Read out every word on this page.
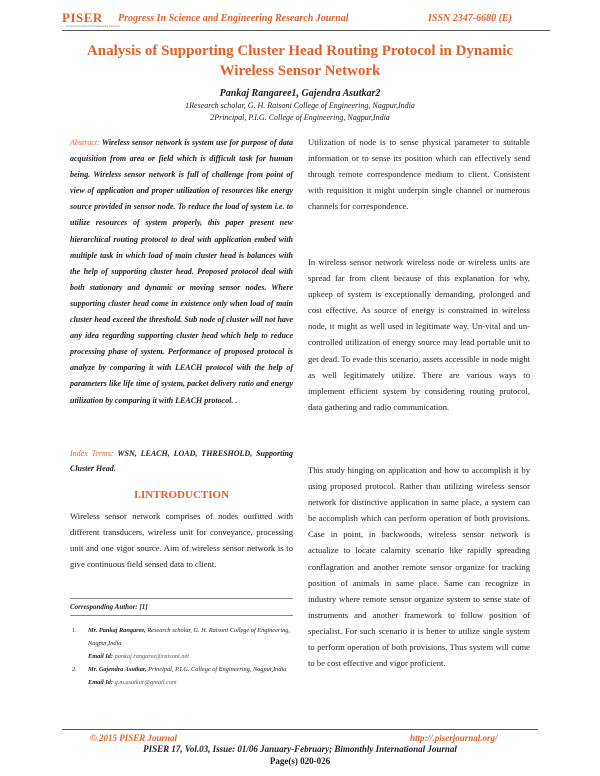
PISER
Progress In Science & Engineering Research
Progress In Science and Engineering Research Journal	ISSN 2347-6680 (E)
Analysis of Supporting Cluster Head Routing Protocol in Dynamic Wireless Sensor Network
Pankaj Rangaree1, Gajendra Asutkar2
1Research scholar, G. H. Raisoni College of Engineering, Nagpur,India
2Principal, P.I.G. College of Engineering, Nagpur,India
Abstract: Wireless sensor network is system use for purpose of data acquisition from area or field which is difficult task for human being. Wireless sensor network is full of challenge from point of view of application and proper utilization of resources like energy source provided in sensor node. To reduce the load of system i.e. to utilize resources of system properly, this paper present new hierarchical routing protocol to deal with application embed with multiple task in which load of main cluster head is balances with the help of supporting cluster head. Proposed protocol deal with both stationary and dynamic or moving sensor nodes. Where supporting cluster head come in existence only when load of main cluster head exceed the threshold. Sub node of cluster will not have any idea regarding supporting cluster head which help to reduce processing phase of system. Performance of proposed protocol is analyze by comparing it with LEACH protocol with the help of parameters like life time of system, packet delivery ratio and energy utilization by comparing it with LEACH protocol. .
Index Terms: WSN, LEACH, LOAD, THRESHOLD, Supporting Cluster Head.
I.INTRODUCTION
Wireless sensor network comprises of nodes outfitted with different transducers, wireless unit for conveyance, processing unit and one vigor source. Aim of wireless sensor network is to give continuous field sensed data to client.
Corresponding Author: [1]
1.	Mr. Pankaj Rangaree, Research scholar, G. H. Raisoni College of Engineering, Nagpur,India
Email Id: pankaj.rangaree@raisoni.net
2.	Mr. Gajendra Asutkar, Principal, P.I.G. College of Engineering, Nagpur,India
Email Id: g.m.asutkar@gmail.com
Utilization of node is to sense physical parameter to suitable information or to sense its position which can effectively send through remote correspondence medium to client. Consistent with requisition it might underpin single channel or numerous channels for correspondence.
In wireless sensor network wireless node or wireless units are spread far from client because of this explanation for why, upkeep of system is exceptionally demanding, prolonged and cost effective. As source of energy is constrained in wireless node, it might as well used in legitimate way. Un-vital and un-controlled utilization of energy source may lead portable unit to get dead. To evade this scenario, assets accessible in node might as well legitimately utilize. There are various ways to implement efficient system by considering routing protocol, data gathering and radio communication.
This study hinging on application and how to accomplish it by using proposed protocol. Rather than utilizing wireless sensor network for distinctive application in same place, a system can be accomplish which can perform operation of both provisions. Case in point, in backwoods, wireless sensor network is actualize to locate calamity scenario like rapidly spreading conflagration and another remote sensor organize for tracking position of animals in same place. Same can recognize in industry where remote sensor organize system to sense state of instruments and another framework to follow position of specialist. For such scenario it is better to utilize single system to perform operation of both provisions. Thus system will come to be cost effective and vigor proficient.
© 2015 PISER Journal	http://.piserjournal.org/
PISER 17, Vol.03, Issue: 01/06 January-February; Bimonthly International Journal
Page(s) 020-026
